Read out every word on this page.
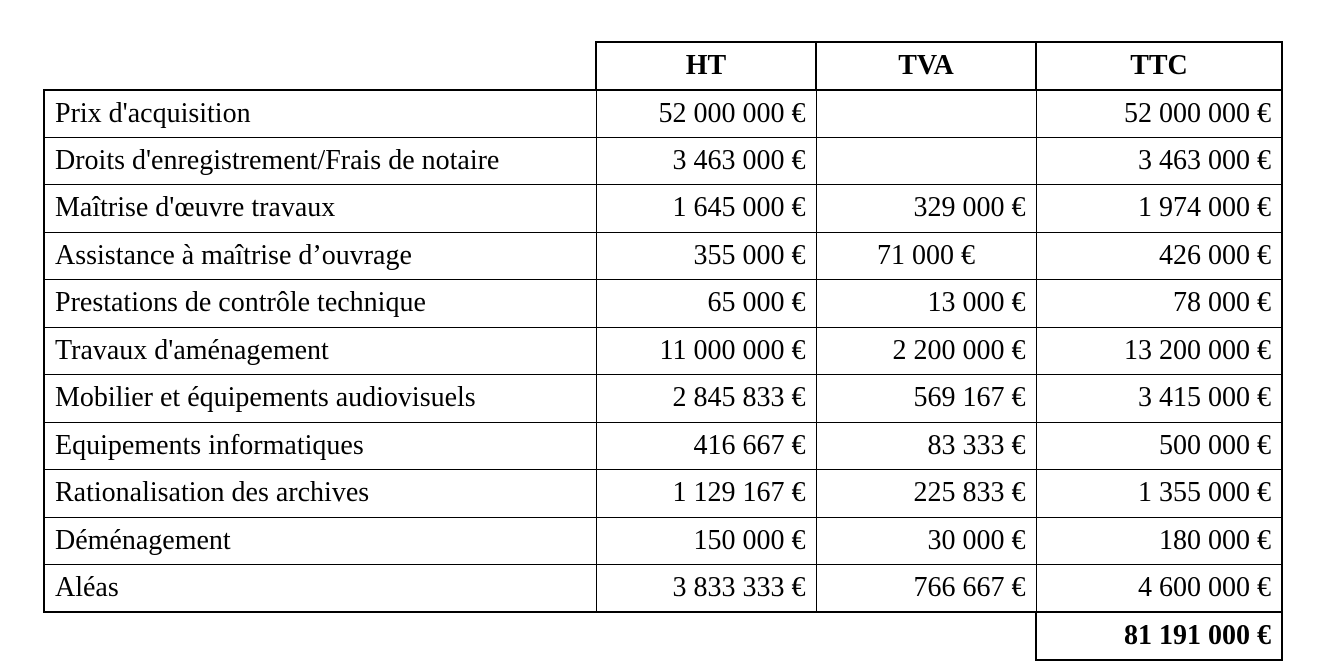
	HT	TVA	TTC
Prix d'acquisition	52 000 000 €		52 000 000 €
Droits d'enregistrement/Frais de notaire	3 463 000 €		3 463 000 €
Maîtrise d'œuvre travaux	1 645 000 €	329 000 €	1 974 000 €
Assistance à maîtrise d’ouvrage	355 000 €	71 000 €	426 000 €
Prestations de contrôle technique	65 000 €	13 000 €	78 000 €
Travaux d'aménagement	11 000 000 €	2 200 000 €	13 200 000 €
Mobilier et équipements audiovisuels	2 845 833 €	569 167 €	3 415 000 €
Equipements informatiques	416 667 €	83 333 €	500 000 €
Rationalisation des archives	1 129 167 €	225 833 €	1 355 000 €
Déménagement	150 000 €	30 000 €	180 000 €
Aléas	3 833 333 €	766 667 €	4 600 000 €
			81 191 000 €
